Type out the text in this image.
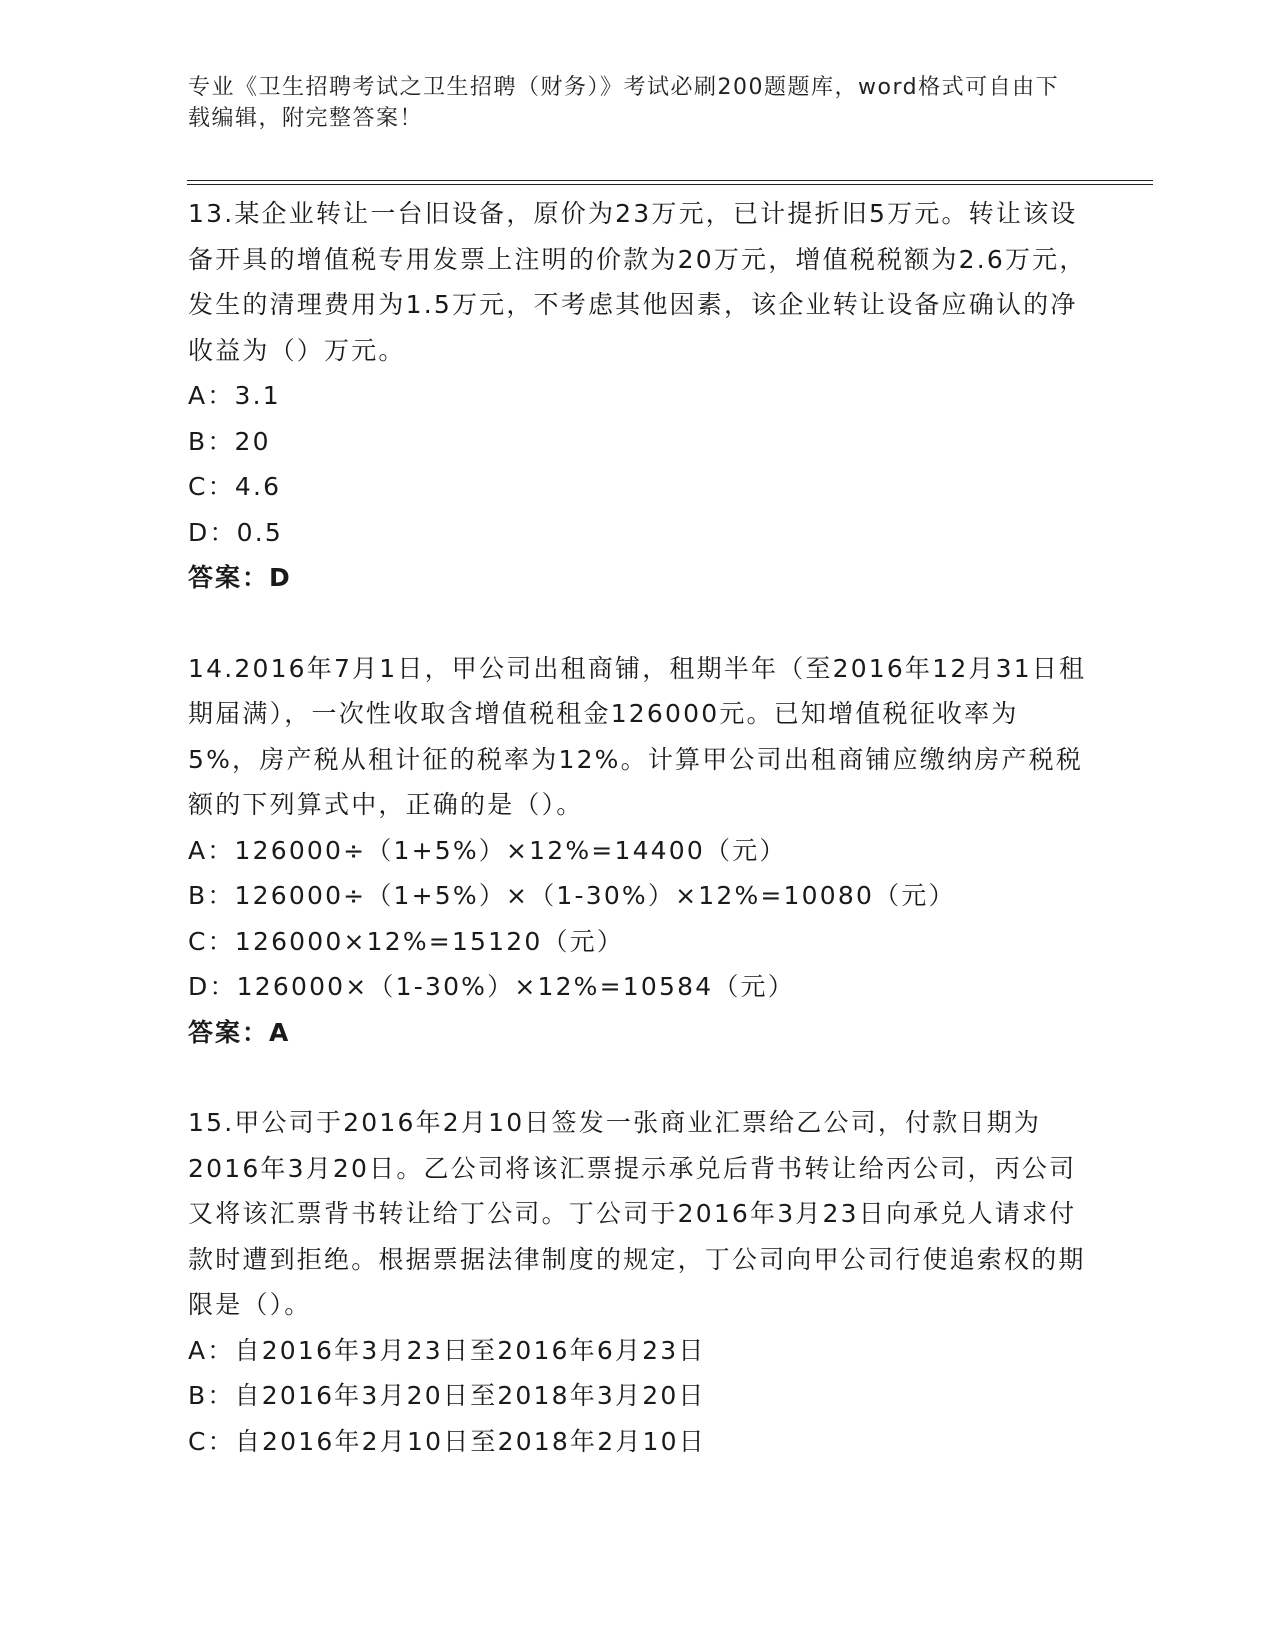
专业《卫生招聘考试之卫生招聘（财务）》考试必刷200题题库，word格式可自由下载编辑，附完整答案！

13.某企业转让一台旧设备，原价为23万元，已计提折旧5万元。转让该设备开具的增值税专用发票上注明的价款为20万元，增值税税额为2.6万元，发生的清理费用为1.5万元，不考虑其他因素，该企业转让设备应确认的净收益为（）万元。

A：3.1

B：20

C：4.6

D：0.5

答案：D

14.2016年7月1日，甲公司出租商铺，租期半年（至2016年12月31日租期届满），一次性收取含增值税租金126000元。已知增值税征收率为5%，房产税从租计征的税率为12%。计算甲公司出租商铺应缴纳房产税税额的下列算式中，正确的是（）。

A：126000÷（1+5%）×12%=14400（元）

B：126000÷（1+5%）×（1-30%）×12%=10080（元）

C：126000×12%=15120（元）

D：126000×（1-30%）×12%=10584（元）

答案：A

15.甲公司于2016年2月10日签发一张商业汇票给乙公司，付款日期为2016年3月20日。乙公司将该汇票提示承兑后背书转让给丙公司，丙公司又将该汇票背书转让给丁公司。丁公司于2016年3月23日向承兑人请求付款时遭到拒绝。根据票据法律制度的规定，丁公司向甲公司行使追索权的期限是（）。

A：自2016年3月23日至2016年6月23日

B：自2016年3月20日至2018年3月20日

C：自2016年2月10日至2018年2月10日
